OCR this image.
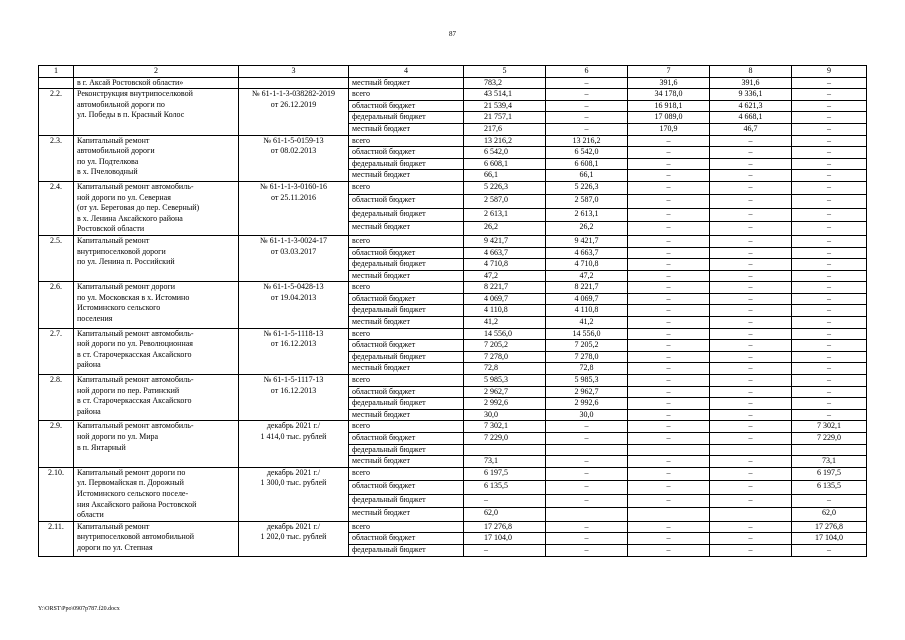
87
1	2	3	4	5	6	7	8	9

	в г. Аксай Ростовской области»		местный бюджет	783,2	–	391,6	391,6	–
2.2.	Реконструкция внутрипоселковой
автомобильной дороги по
ул. Победы в п. Красный Колос	№ 61-1-1-3-038282-2019
от 26.12.2019	всего	43 514,1	–	34 178,0	9 336,1	–
			областной бюджет	21 539,4	–	16 918,1	4 621,3	–
			федеральный бюджет	21 757,1	–	17 089,0	4 668,1	–
			местный бюджет	217,6	–	170,9	46,7	–
2.3.	Капитальный ремонт
автомобильной дороги
по ул. Подтелкова
в х. Пчеловодный	№ 61-1-5-0159-13
от 08.02.2013	всего	13 216,2	13 216,2	–	–	–
			областной бюджет	6 542,0	6 542,0	–	–	–
			федеральный бюджет	6 608,1	6 608,1	–	–	–
			местный бюджет	66,1	66,1	–	–	–
2.4.	Капитальный ремонт автомобиль-
ной дороги по ул. Северная
(от ул. Береговая до пер. Северный)
в х. Ленина Аксайского района
Ростовской области	№ 61-1-1-3-0160-16
от 25.11.2016	всего	5 226,3	5 226,3	–	–	–
			областной бюджет	2 587,0	2 587,0	–	–	–
			федеральный бюджет	2 613,1	2 613,1	–	–	–
			местный бюджет	26,2	26,2	–	–	–
2.5.	Капитальный ремонт
внутрипоселковой дороги
по ул. Ленина п. Российский	№ 61-1-1-3-0024-17
от 03.03.2017	всего	9 421,7	9 421,7	–	–	–
			областной бюджет	4 663,7	4 663,7	–	–	–
			федеральный бюджет	4 710,8	4 710,8	–	–	–
			местный бюджет	47,2	47,2	–	–	–
2.6.	Капитальный ремонт дороги
по ул. Московская в х. Истомино
Истоминского сельского
поселения	№ 61-1-5-0428-13
от 19.04.2013	всего	8 221,7	8 221,7	–	–	–
			областной бюджет	4 069,7	4 069,7	–	–	–
			федеральный бюджет	4 110,8	4 110,8	–	–	–
			местный бюджет	41,2	41,2	–	–	–
2.7.	Капитальный ремонт автомобиль-
ной дороги по ул. Революционная
в ст. Старочеркасская Аксайского
района	№ 61-1-5-1118-13
от 16.12.2013	всего	14 556,0	14 556,0	–	–	–
			областной бюджет	7 205,2	7 205,2	–	–	–
			федеральный бюджет	7 278,0	7 278,0	–	–	–
			местный бюджет	72,8	72,8	–	–	–
2.8.	Капитальный ремонт автомобиль-
ной дороги по пер. Ратинский
в ст. Старочеркасская Аксайского
района	№ 61-1-5-1117-13
от 16.12.2013	всего	5 985,3	5 985,3	–	–	–
			областной бюджет	2 962,7	2 962,7	–	–	–
			федеральный бюджет	2 992,6	2 992,6	–	–	–
			местный бюджет	30,0	30,0	–	–	–
2.9.	Капитальный ремонт автомобиль-
ной дороги по ул. Мира
в п. Янтарный	декабрь 2021 г./
1 414,0 тыс. рублей	всего	7 302,1	–	–	–	7 302,1
			областной бюджет	7 229,0	–	–	–	7 229,0
			федеральный бюджет					
			местный бюджет	73,1	–	–	–	73,1
2.10.	Капитальный ремонт дороги по
ул. Первомайская п. Дорожный
Истоминского сельского поселе-
ния Аксайского района Ростовской
области	декабрь 2021 г./
1 300,0 тыс. рублей	всего	6 197,5	–	–	–	6 197,5
			областной бюджет	6 135,5	–	–	–	6 135,5
			федеральный бюджет	–	–	–	–	–
			местный бюджет	62,0				62,0
2.11.	Капитальный ремонт
внутрипоселковой автомобильной
дороги по ул. Степная	декабрь 2021 г./
1 202,0 тыс. рублей	всего	17 276,8	–	–	–	17 276,8
			областной бюджет	17 104,0	–	–	–	17 104,0
			федеральный бюджет	–	–	–	–	–
Y:\ORST\Ppo\0907p787.f20.docx
